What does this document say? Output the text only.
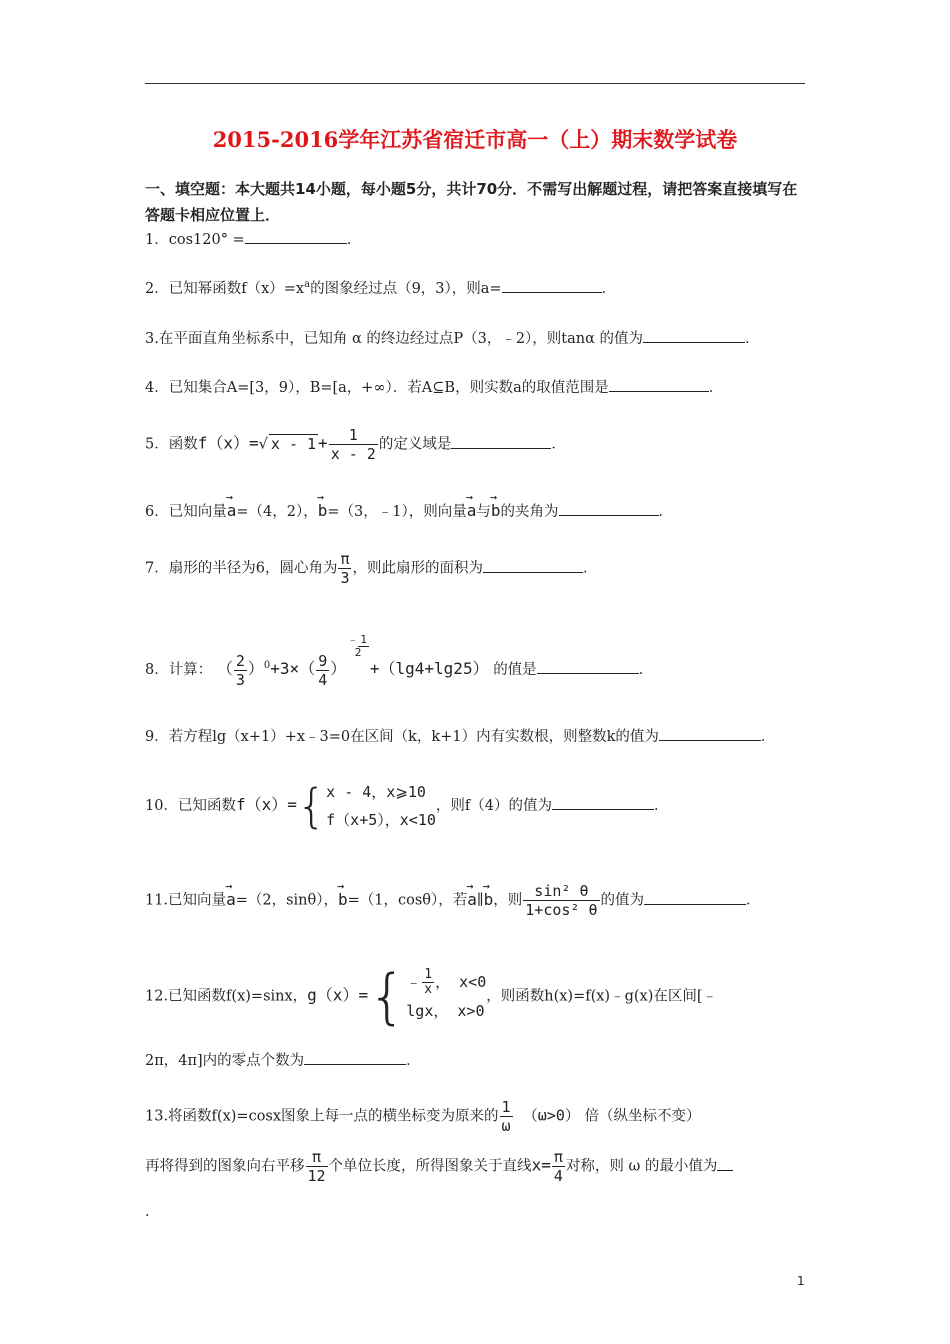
2015-2016学年江苏省宿迁市高一（上）期末数学试卷
一、填空题：本大题共14小题，每小题5分，共计70分．不需写出解题过程，请把答案直接填写在答题卡相应位置上．
1．cos120° =	．
2．已知幂函数$f(x)=x^a$的图象经过点（9，3），则a=	．
3.在平面直角坐标系中，已知角 α 的终边经过点P（3，﹣2），则tanα 的值为	．
4．已知集合A=[3，9），B=[a，+∞）．若A⊆B，则实数a的取值范围是	．
5．函数f（x）=√ $x - 1 + \frac{1}{x - 2}$ 的定义域是	．
6．已知向量→ a=（4，2），→ b=（3，﹣1），则向量→ a与→ b的夹角为	．
7．扇形的半径为6，圆心角为 $\frac{\pi}{3}$ ，则此扇形的面积为	．
8．计算： （ $\frac{2}{3} )^0+3\times( \frac{9}{4}$ ）﹣ 1
2
+（lg4+lg25） 的值是	．
9．若方程lg（x+1）+x﹣3=0在区间（k，k+1）内有实数根，则整数k的值为	．
10．已知函数f（x）={ x - 4，x⩾10
f（x+5），x<10
，则f（4）的值为	．
11.已知向量→ a=（2，sinθ），→ b=（1，cosθ），若→ a∥→ b，则 $\frac{\text{sin² θ}}{\text{1+cos² θ}}$ 的值为	．
12.已知函数f(x)=sinx，g（x）={ ﹣ $\frac{1}{x}$ ， x<0
lgx， x>0
，则函数h(x)=f(x)﹣g(x)在区间[﹣
2π，4π]内的零点个数为	．
13.将函数f(x)=cosx图象上每一点的横坐标变为原来的 $\frac{1}{\omega} (\omega>0)$ 倍（纵坐标不变）
再将得到的图象向右平移 $\frac{\pi}{12}$ 个单位长度，所得图象关于直线$x= \frac{\pi}{4}$ 对称，则 ω 的最小值为
．
1
